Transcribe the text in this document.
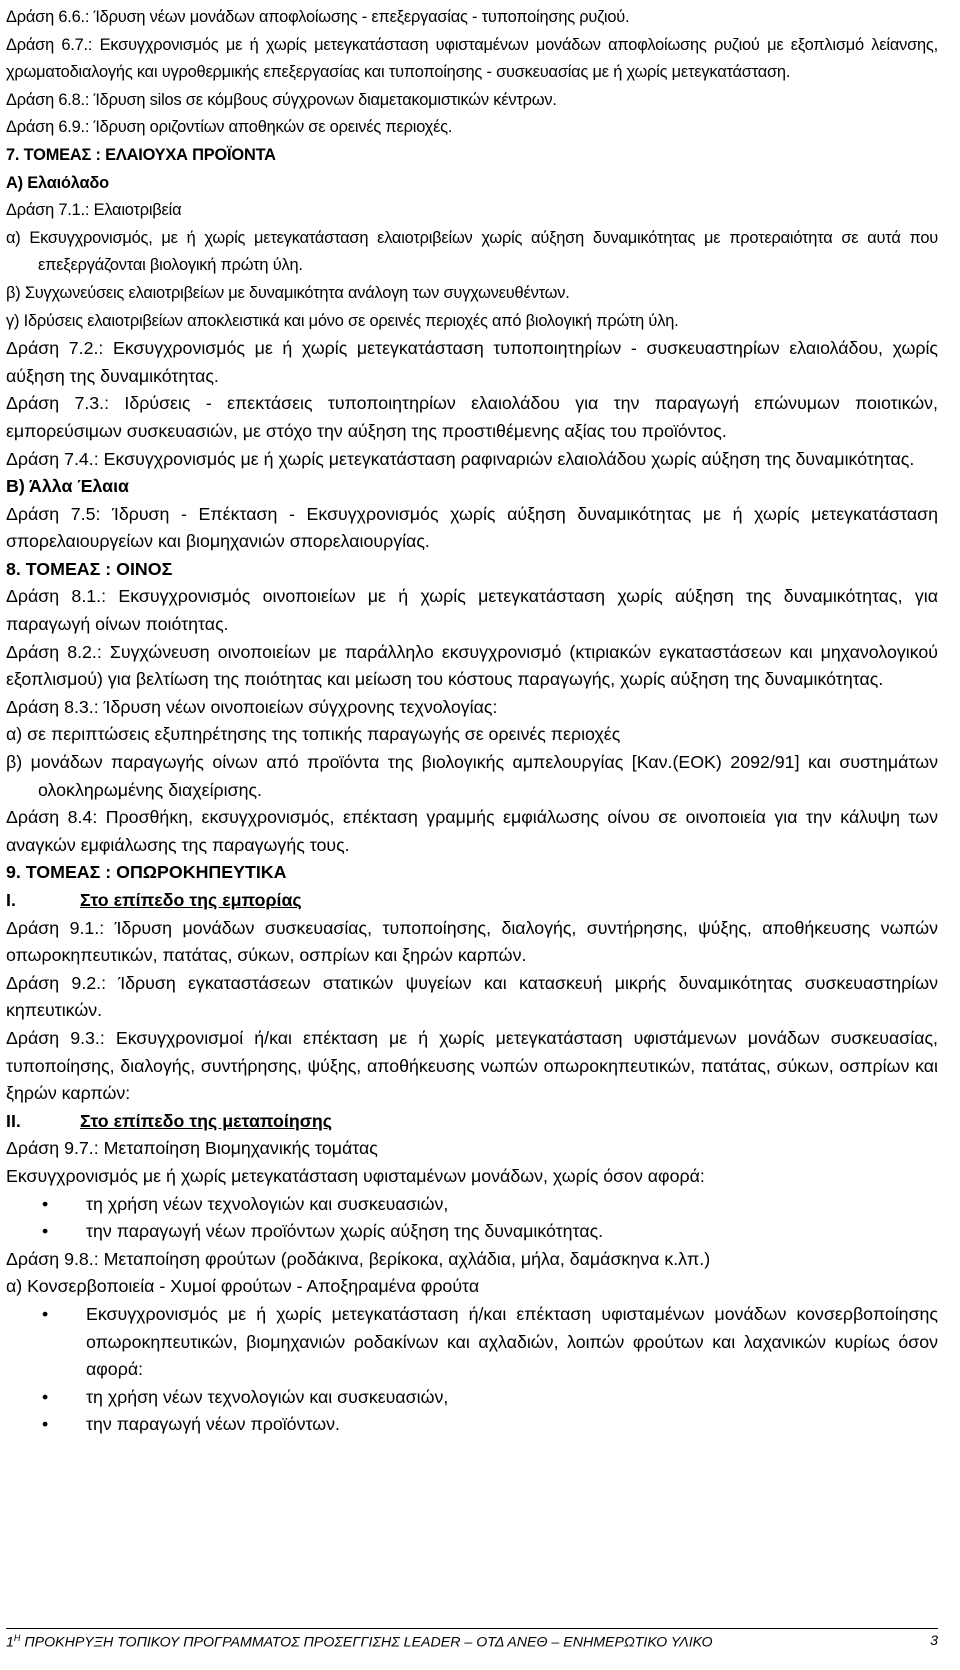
Δράση 6.6.: Ίδρυση νέων μονάδων αποφλοίωσης - επεξεργασίας - τυποποίησης ρυζιού.

Δράση 6.7.: Εκσυγχρονισμός με ή χωρίς μετεγκατάσταση υφισταμένων μονάδων αποφλοίωσης ρυζιού με εξοπλισμό λείανσης, χρωματοδιαλογής και υγροθερμικής επεξεργασίας και τυποποίησης - συσκευασίας με ή χωρίς μετεγκατάσταση.

Δράση 6.8.: Ίδρυση silos σε κόμβους σύγχρονων διαμετακομιστικών κέντρων.

Δράση 6.9.: Ίδρυση οριζοντίων αποθηκών σε ορεινές περιοχές.

7. ΤΟΜΕΑΣ : ΕΛΑΙΟΥΧΑ ΠΡΟΪΟΝΤΑ

Α) Ελαιόλαδο

Δράση 7.1.: Ελαιοτριβεία

α) Εκσυγχρονισμός, με ή χωρίς μετεγκατάσταση ελαιοτριβείων χωρίς αύξηση δυναμικότητας με προτεραιότητα σε αυτά που επεξεργάζονται βιολογική πρώτη ύλη.

β) Συγχωνεύσεις ελαιοτριβείων με δυναμικότητα ανάλογη των συγχωνευθέντων.

γ) Ιδρύσεις ελαιοτριβείων αποκλειστικά και μόνο σε ορεινές περιοχές από βιολογική πρώτη ύλη.

Δράση 7.2.: Εκσυγχρονισμός με ή χωρίς μετεγκατάσταση τυποποιητηρίων - συσκευαστηρίων ελαιολάδου, χωρίς αύξηση της δυναμικότητας.

Δράση 7.3.: Ιδρύσεις - επεκτάσεις τυποποιητηρίων ελαιολάδου για την παραγωγή επώνυμων ποιοτικών, εμπορεύσιμων συσκευασιών, με στόχο την αύξηση της προστιθέμενης αξίας του προϊόντος.

Δράση 7.4.: Εκσυγχρονισμός με ή χωρίς μετεγκατάσταση ραφιναριών ελαιολάδου χωρίς αύξηση της δυναμικότητας.

Β) Άλλα Έλαια

Δράση 7.5: Ίδρυση - Επέκταση - Εκσυγχρονισμός χωρίς αύξηση δυναμικότητας με ή χωρίς μετεγκατάσταση σπορελαιουργείων και βιομηχανιών σπορελαιουργίας.

8. ΤΟΜΕΑΣ : ΟΙΝΟΣ

Δράση 8.1.: Εκσυγχρονισμός οινοποιείων με ή χωρίς μετεγκατάσταση χωρίς αύξηση της δυναμικότητας, για παραγωγή οίνων ποιότητας.

Δράση 8.2.: Συγχώνευση οινοποιείων με παράλληλο εκσυγχρονισμό (κτιριακών εγκαταστάσεων και μηχανολογικού εξοπλισμού) για βελτίωση της ποιότητας και μείωση του κόστους παραγωγής, χωρίς αύξηση της δυναμικότητας.

Δράση 8.3.: Ίδρυση νέων οινοποιείων σύγχρονης τεχνολογίας:

α) σε περιπτώσεις εξυπηρέτησης της τοπικής παραγωγής σε ορεινές περιοχές

β) μονάδων παραγωγής οίνων από προϊόντα της βιολογικής αμπελουργίας [Καν.(ΕΟΚ) 2092/91] και συστημάτων ολοκληρωμένης διαχείρισης.

Δράση 8.4: Προσθήκη, εκσυγχρονισμός, επέκταση γραμμής εμφιάλωσης οίνου σε οινοποιεία για την κάλυψη των αναγκών εμφιάλωσης της παραγωγής τους.

9. ΤΟΜΕΑΣ : ΟΠΩΡΟΚΗΠΕΥΤΙΚΑ

I.	Στο επίπεδο της εμπορίας

Δράση 9.1.: Ίδρυση μονάδων συσκευασίας, τυποποίησης, διαλογής, συντήρησης, ψύξης, αποθήκευσης νωπών οπωροκηπευτικών, πατάτας, σύκων, οσπρίων και ξηρών καρπών.

Δράση 9.2.: Ίδρυση εγκαταστάσεων στατικών ψυγείων και κατασκευή μικρής δυναμικότητας συσκευαστηρίων κηπευτικών.

Δράση 9.3.: Εκσυγχρονισμοί ή/και επέκταση με ή χωρίς μετεγκατάσταση υφιστάμενων μονάδων συσκευασίας, τυποποίησης, διαλογής, συντήρησης, ψύξης, αποθήκευσης νωπών οπωροκηπευτικών, πατάτας, σύκων, οσπρίων και ξηρών καρπών:

II.	Στο επίπεδο της μεταποίησης

Δράση 9.7.: Μεταποίηση Βιομηχανικής τομάτας

Εκσυγχρονισμός με ή χωρίς μετεγκατάσταση υφισταμένων μονάδων, χωρίς όσον αφορά:

• τη χρήση νέων τεχνολογιών και συσκευασιών,
• την παραγωγή νέων προϊόντων χωρίς αύξηση της δυναμικότητας.

Δράση 9.8.: Μεταποίηση φρούτων (ροδάκινα, βερίκοκα, αχλάδια, μήλα, δαμάσκηνα κ.λπ.)

α) Κονσερβοποιεία - Χυμοί φρούτων - Αποξηραμένα φρούτα

• Εκσυγχρονισμός με ή χωρίς μετεγκατάσταση ή/και επέκταση υφισταμένων μονάδων κονσερβοποίησης οπωροκηπευτικών, βιομηχανιών ροδακίνων και αχλαδιών, λοιπών φρούτων και λαχανικών κυρίως όσον αφορά:
• τη χρήση νέων τεχνολογιών και συσκευασιών,
• την παραγωγή νέων προϊόντων.
$1^H$ ΠΡΟΚΗΡΥΞΗ ΤΟΠΙΚΟΥ ΠΡΟΓΡΑΜΜΑΤΟΣ ΠΡΟΣΕΓΓΙΣΗΣ LEADER – ΟΤΔ ΑΝΕΘ – ΕΝΗΜΕΡΩΤΙΚΟ ΥΛΙΚΟ	3
